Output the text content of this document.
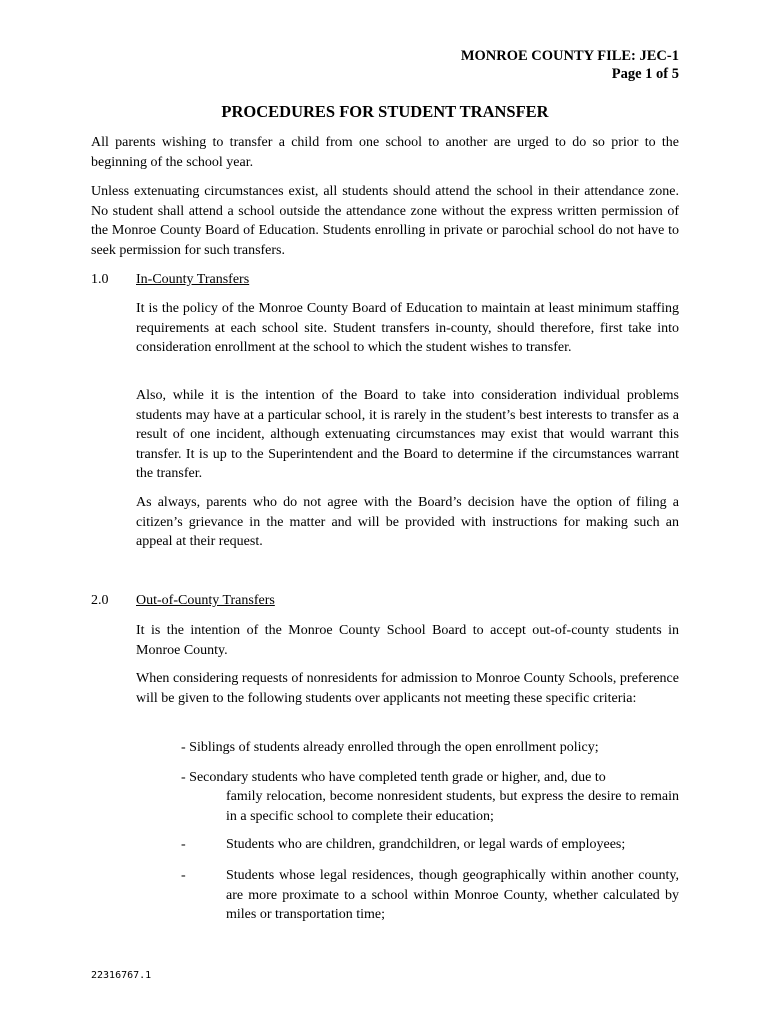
MONROE COUNTY FILE: JEC-1
Page 1 of 5
PROCEDURES FOR STUDENT TRANSFER

All parents wishing to transfer a child from one school to another are urged to do so prior to the beginning of the school year.

Unless extenuating circumstances exist, all students should attend the school in their attendance zone. No student shall attend a school outside the attendance zone without the express written permission of the Monroe County Board of Education. Students enrolling in private or parochial school do not have to seek permission for such transfers.

1.0 In-County Transfers

It is the policy of the Monroe County Board of Education to maintain at least minimum staffing requirements at each school site. Student transfers in-county, should therefore, first take into consideration enrollment at the school to which the student wishes to transfer.

Also, while it is the intention of the Board to take into consideration individual problems students may have at a particular school, it is rarely in the student’s best interests to transfer as a result of one incident, although extenuating circumstances may exist that would warrant this transfer. It is up to the Superintendent and the Board to determine if the circumstances warrant the transfer.

As always, parents who do not agree with the Board’s decision have the option of filing a citizen’s grievance in the matter and will be provided with instructions for making such an appeal at their request.

2.0 Out-of-County Transfers

It is the intention of the Monroe County School Board to accept out-of-county students in Monroe County.

When considering requests of nonresidents for admission to Monroe County Schools, preference will be given to the following students over applicants not meeting these specific criteria:

- Siblings of students already enrolled through the open enrollment policy;

- Secondary students who have completed tenth grade or higher, and, due to

family relocation, become nonresident students, but express the desire to remain in a specific school to complete their education;

-	Students who are children, grandchildren, or legal wards of employees;

-	Students whose legal residences, though geographically within another county, are more proximate to a school within Monroe County, whether calculated by miles or transportation time;

22316767.1
